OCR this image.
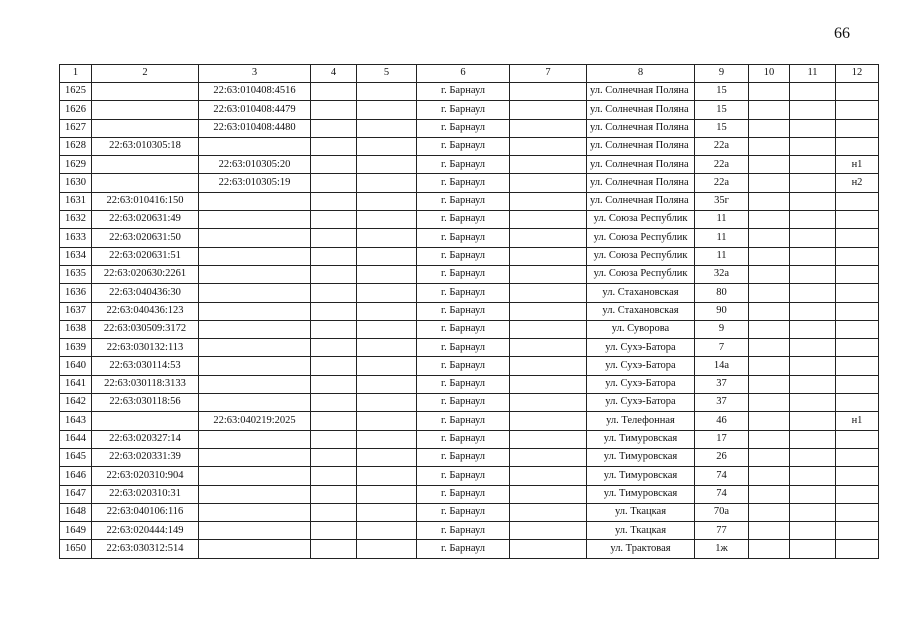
66
1	2	3	4	5	6	7	8	9	10	11	12
1625		22:63:010408:4516			г. Барнаул		ул. Солнечная Поляна	15			
1626		22:63:010408:4479			г. Барнаул		ул. Солнечная Поляна	15			
1627		22:63:010408:4480			г. Барнаул		ул. Солнечная Поляна	15			
1628	22:63:010305:18				г. Барнаул		ул. Солнечная Поляна	22а			
1629		22:63:010305:20			г. Барнаул		ул. Солнечная Поляна	22а			н1
1630		22:63:010305:19			г. Барнаул		ул. Солнечная Поляна	22а			н2
1631	22:63:010416:150				г. Барнаул		ул. Солнечная Поляна	35г			
1632	22:63:020631:49				г. Барнаул		ул. Союза Республик	11			
1633	22:63:020631:50				г. Барнаул		ул. Союза Республик	11			
1634	22:63:020631:51				г. Барнаул		ул. Союза Республик	11			
1635	22:63:020630:2261				г. Барнаул		ул. Союза Республик	32а			
1636	22:63:040436:30				г. Барнаул		ул. Стахановская	80			
1637	22:63:040436:123				г. Барнаул		ул. Стахановская	90			
1638	22:63:030509:3172				г. Барнаул		ул. Суворова	9			
1639	22:63:030132:113				г. Барнаул		ул. Сухэ-Батора	7			
1640	22:63:030114:53				г. Барнаул		ул. Сухэ-Батора	14а			
1641	22:63:030118:3133				г. Барнаул		ул. Сухэ-Батора	37			
1642	22:63:030118:56				г. Барнаул		ул. Сухэ-Батора	37			
1643		22:63:040219:2025			г. Барнаул		ул. Телефонная	46			н1
1644	22:63:020327:14				г. Барнаул		ул. Тимуровская	17			
1645	22:63:020331:39				г. Барнаул		ул. Тимуровская	26			
1646	22:63:020310:904				г. Барнаул		ул. Тимуровская	74			
1647	22:63:020310:31				г. Барнаул		ул. Тимуровская	74			
1648	22:63:040106:116				г. Барнаул		ул. Ткацкая	70а			
1649	22:63:020444:149				г. Барнаул		ул. Ткацкая	77			
1650	22:63:030312:514				г. Барнаул		ул. Трактовая	1ж			
